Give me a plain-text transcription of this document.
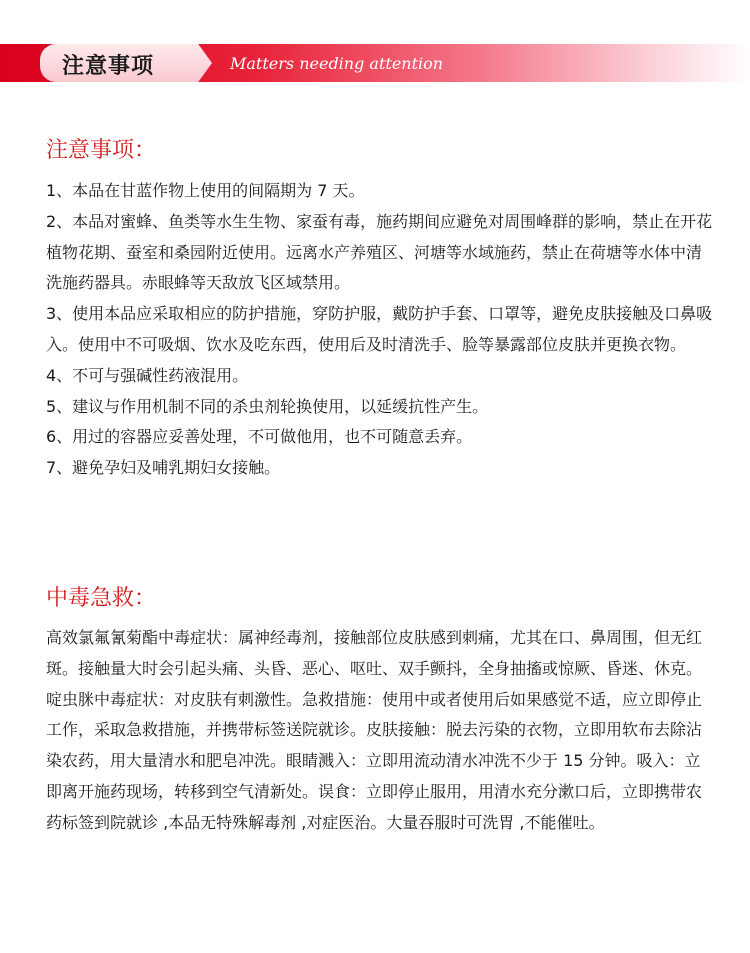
注意事项	Matters needing attention
注意事项：
1、本品在甘蓝作物上使用的间隔期为 7 天。
2、本品对蜜蜂、鱼类等水生生物、家蚕有毒，施药期间应避免对周围峰群的影响，禁止在开花植物花期、蚕室和桑园附近使用。远离水产养殖区、河塘等水域施药，禁止在荷塘等水体中清洗施药器具。赤眼蜂等天敌放飞区域禁用。
3、使用本品应采取相应的防护措施，穿防护服，戴防护手套、口罩等，避免皮肤接触及口鼻吸入。使用中不可吸烟、饮水及吃东西，使用后及时清洗手、脸等暴露部位皮肤并更换衣物。
4、不可与强碱性药液混用。
5、建议与作用机制不同的杀虫剂轮换使用，以延缓抗性产生。
6、用过的容器应妥善处理，不可做他用，也不可随意丢弃。
7、避免孕妇及哺乳期妇女接触。
中毒急救：

高效氯氟氰菊酯中毒症状：属神经毒剂，接触部位皮肤感到刺痛，尤其在口、鼻周围，但无红斑。接触量大时会引起头痛、头昏、恶心、呕吐、双手颤抖，全身抽搐或惊厥、昏迷、休克。

啶虫脒中毒症状：对皮肤有刺激性。急救措施：使用中或者使用后如果感觉不适，应立即停止工作，采取急救措施，并携带标签送院就诊。皮肤接触：脱去污染的衣物，立即用软布去除沾染农药，用大量清水和肥皂冲洗。眼睛溅入：立即用流动清水冲洗不少于 15 分钟。吸入：立即离开施药现场，转移到空气清新处。误食：立即停止服用，用清水充分漱口后，立即携带农药标签到院就诊 ,本品无特殊解毒剂 ,对症医治。大量吞服时可洗胃 ,不能催吐。
